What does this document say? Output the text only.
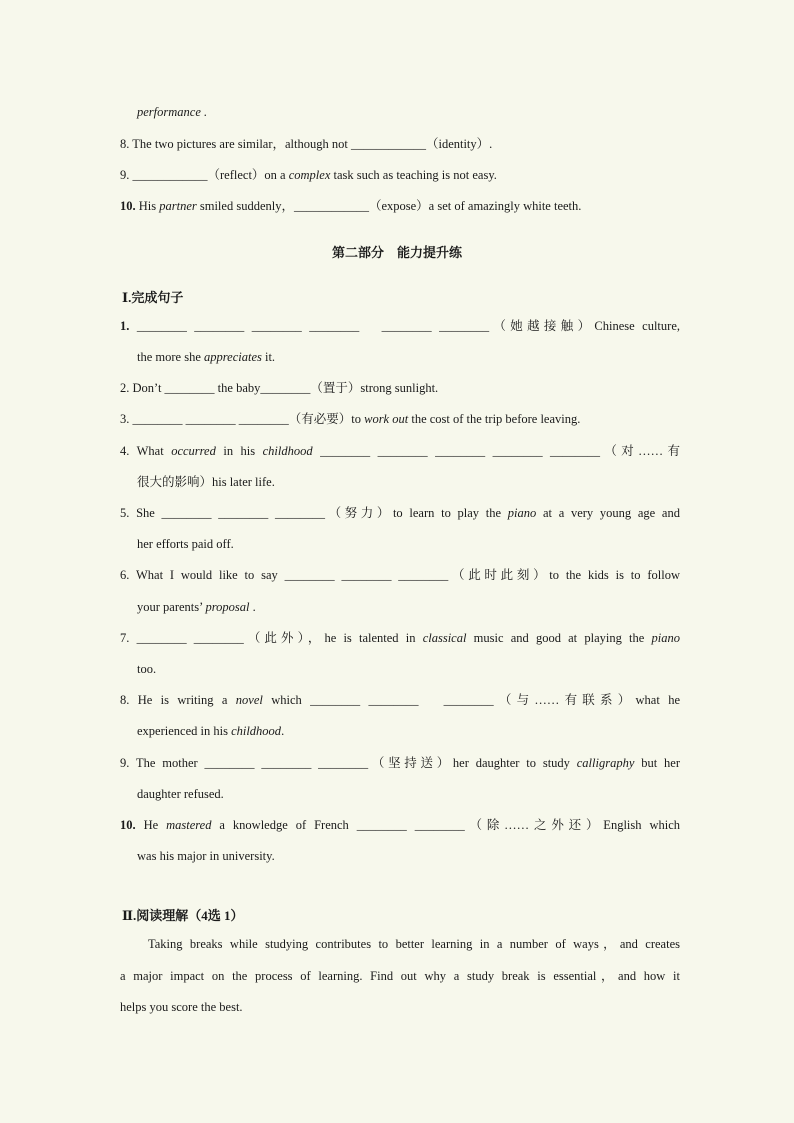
performance .
8. The two pictures are similar，although not ____________（identity）.
9. ____________（reflect）on a complex task such as teaching is not easy.
10. His partner smiled suddenly，____________（expose）a set of amazingly white teeth.
第二部分　能力提升练
Ⅰ.完成句子
1. ________ ________ ________ ________   ________ ________（她越接触）Chinese culture,
the more she appreciates it.
2. Don’t ________ the baby________（置于）strong sunlight.
3. ________ ________ ________（有必要）to work out the cost of the trip before leaving.
4. What occurred in his childhood ________ ________ ________ ________ ________（对……有
很大的影响）his later life.
5. She ________ ________ ________（努力）to learn to play the piano at a very young age and
her efforts paid off.
6. What I would like to say ________ ________ ________（此时此刻）to the kids is to follow
your parents’ proposal .
7. ________ ________（此外），he is talented in classical music and good at playing the piano
too.
8. He is writing a novel which ________ ________   ________（与……有联系）what he
experienced in his childhood.
9. The mother ________ ________ ________（坚持送）her daughter to study calligraphy but her
daughter refused.
10. He mastered a knowledge of French ________ ________（除……之外还）English which
was his major in university.
Ⅱ.阅读理解（4选 1）
Taking breaks while studying contributes to better learning in a number of ways，and creates
a major impact on the process of learning. Find out why a study break is essential，and how it
helps you score the best.
